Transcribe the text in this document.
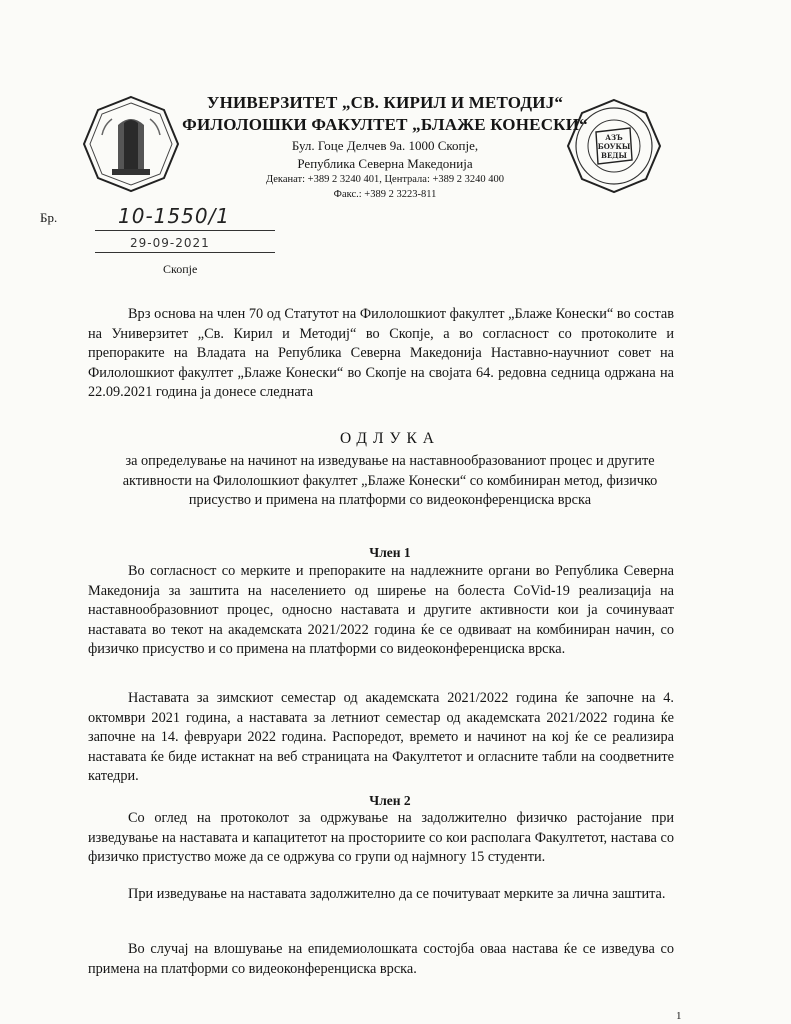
АЗЪ
БОУКЫ
ВЕДЫ
УНИВЕРЗИТЕТ „СВ. КИРИЛ И МЕТОДИЈ“
ФИЛОЛОШКИ ФАКУЛТЕТ „БЛАЖЕ КОНЕСКИ“
Бул. Гоце Делчев 9а. 1000 Скопје,
Република Северна Македонија
Деканат: +389 2 3240 401, Централа: +389 2 3240 400
Факс.: +389 2 3223-811
Бр.	10-1550/1
29-09-2021
Скопје
Врз основа на член 70 од Статутот на Филолошкиот факултет „Блаже Конески“ во состав на Универзитет „Св. Кирил и Методиј“ во Скопје, а во согласност со протоколите и препораките на Владата на Република Северна Македонија Наставно-научниот совет на Филолошкиот факултет „Блаже Конески“ во Скопје на својата 64. редовна седница одржана на 22.09.2021 година ја донесе следната
ОДЛУКА
за определување на начинот на изведување на наставнообразованиот процес и другите активности на Филолошкиот факултет „Блаже Конески“ со комбиниран метод, физичко присуство и примена на платформи со видеоконференциска врска
Член 1
Во согласност со мерките и препораките на надлежните органи во Република Северна Македонија за заштита на населението од ширење на болеста CoVid-19 реализација на наставнообразовниот процес, односно наставата и другите активности кои ја сочинуваат наставата во текот на академската 2021/2022 година ќе се одвиваат на комбиниран начин, со физичко присуство и со примена на платформи со видеоконференциска врска.
Наставата за зимскиот семестар од академската 2021/2022 година ќе започне на 4. октомври 2021 година, а наставата за летниот семестар од академската 2021/2022 година ќе започне на 14. февруари 2022 година. Распоредот, времето и начинот на кој ќе се реализира наставата ќе биде истакнат на веб страницата на Факултетот и огласните табли на соодветните катедри.
Член 2
Со оглед на протоколот за одржување на задолжително физичко растојание при изведување на наставата и капацитетот на просториите со кои располага Факултетот, настава со физичко пристуство може да се одржува со групи од најмногу 15 студенти.
При изведување на наставата задолжително да се почитуваат мерките за лична заштита.
Во случај на влошување на епидемиолошката состојба оваа настава ќе се изведува со примена на платформи со видеоконференциска врска.
1
